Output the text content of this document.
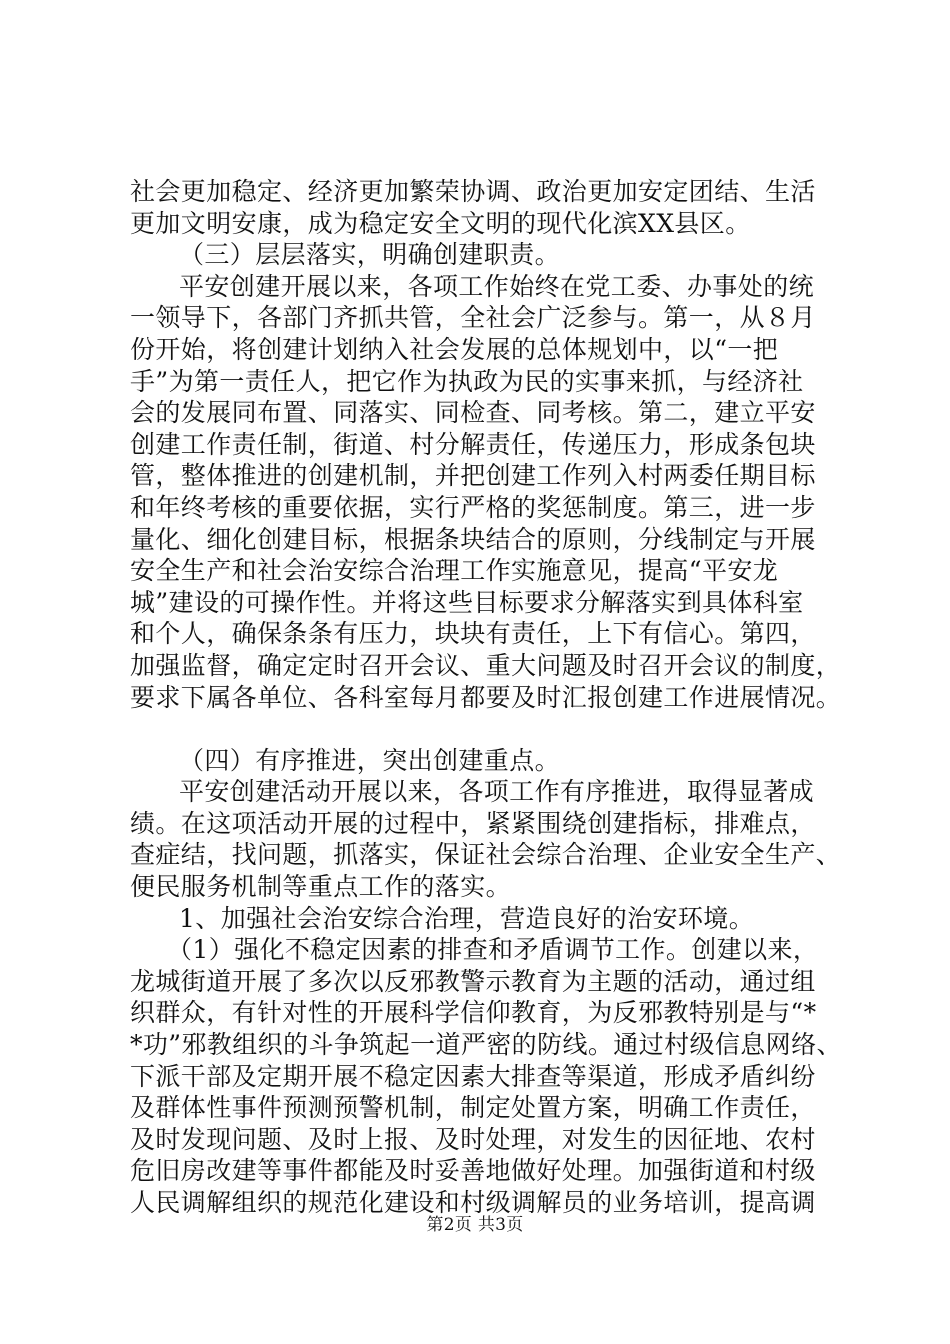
社会更加稳定、经济更加繁荣协调、政治更加安定团结、生活
更加文明安康，成为稳定安全文明的现代化滨XX县区。
（三）层层落实，明确创建职责。
平安创建开展以来，各项工作始终在党工委、办事处的统
一领导下，各部门齐抓共管，全社会广泛参与。第一，从８月
份开始，将创建计划纳入社会发展的总体规划中，以“一把
手”为第一责任人，把它作为执政为民的实事来抓，与经济社
会的发展同布置、同落实、同检查、同考核。第二，建立平安
创建工作责任制，街道、村分解责任，传递压力，形成条包块
管，整体推进的创建机制，并把创建工作列入村两委任期目标
和年终考核的重要依据，实行严格的奖惩制度。第三，进一步
量化、细化创建目标，根据条块结合的原则，分线制定与开展
安全生产和社会治安综合治理工作实施意见，提高“平安龙
城”建设的可操作性。并将这些目标要求分解落实到具体科室
和个人，确保条条有压力，块块有责任，上下有信心。第四，
加强监督，确定定时召开会议、重大问题及时召开会议的制度，
要求下属各单位、各科室每月都要及时汇报创建工作进展情况。
（四）有序推进，突出创建重点。
平安创建活动开展以来，各项工作有序推进，取得显著成
绩。在这项活动开展的过程中，紧紧围绕创建指标，排难点，
查症结，找问题，抓落实，保证社会综合治理、企业安全生产、
便民服务机制等重点工作的落实。
1、加强社会治安综合治理，营造良好的治安环境。
（1）强化不稳定因素的排查和矛盾调节工作。创建以来，
龙城街道开展了多次以反邪教警示教育为主题的活动，通过组
织群众，有针对性的开展科学信仰教育，为反邪教特别是与“*
*功”邪教组织的斗争筑起一道严密的防线。通过村级信息网络、
下派干部及定期开展不稳定因素大排查等渠道，形成矛盾纠纷
及群体性事件预测预警机制，制定处置方案，明确工作责任，
及时发现问题、及时上报、及时处理，对发生的因征地、农村
危旧房改建等事件都能及时妥善地做好处理。加强街道和村级
人民调解组织的规范化建设和村级调解员的业务培训，提高调
第2页 共3页
